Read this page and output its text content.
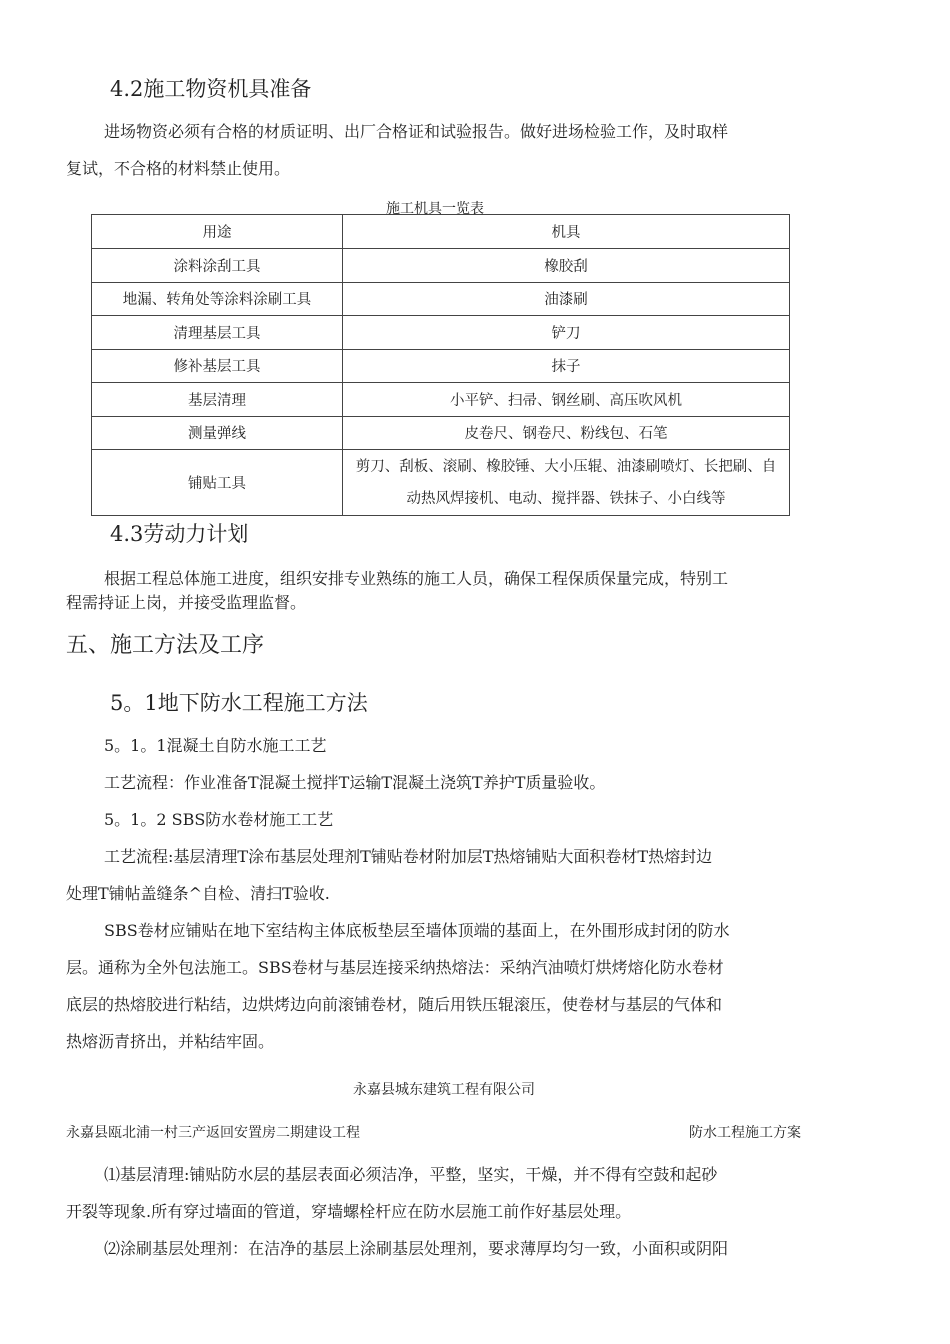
4.2施工物资机具准备
进场物资必须有合格的材质证明、出厂合格证和试验报告。做好进场检验工作，及时取样
复试，不合格的材料禁止使用。
施工机具一览表
用途	机具
涂料涂刮工具	橡胶刮
地漏、转角处等涂料涂刷工具	油漆刷
清理基层工具	铲刀
修补基层工具	抹子
基层清理	小平铲、扫帚、钢丝刷、高压吹风机
测量弹线	皮卷尺、钢卷尺、粉线包、石笔
铺贴工具	剪刀、刮板、滚刷、橡胶锤、大小压辊、油漆刷喷灯、长把刷、自动热风焊接机、电动、搅拌器、铁抹子、小白线等
4.3劳动力计划
根据工程总体施工进度，组织安排专业熟练的施工人员，确保工程保质保量完成，特别工
程需持证上岗，并接受监理监督。
五、施工方法及工序
5。1地下防水工程施工方法
5。1。1混凝土自防水施工工艺
工艺流程：作业准备T混凝土搅拌T运输T混凝土浇筑T养护T质量验收。
5。1。2 SBS防水卷材施工工艺
工艺流程:基层清理T涂布基层处理剂T铺贴卷材附加层T热熔铺贴大面积卷材T热熔封边
处理T铺帖盖缝条^自检、清扫T验收.
SBS卷材应铺贴在地下室结构主体底板垫层至墙体顶端的基面上，在外围形成封闭的防水
层。通称为全外包法施工。SBS卷材与基层连接采纳热熔法：采纳汽油喷灯烘烤熔化防水卷材
底层的热熔胶进行粘结，边烘烤边向前滚铺卷材，随后用铁压辊滚压，使卷材与基层的气体和
热熔沥青挤出，并粘结牢固。
永嘉县城东建筑工程有限公司
永嘉县瓯北浦一村三产返回安置房二期建设工程	防水工程施工方案
⑴基层清理:铺贴防水层的基层表面必须洁净，平整，坚实，干燥，并不得有空鼓和起砂
开裂等现象.所有穿过墙面的管道，穿墙螺栓杆应在防水层施工前作好基层处理。
⑵涂刷基层处理剂：在洁净的基层上涂刷基层处理剂，要求薄厚均匀一致，小面积或阴阳
